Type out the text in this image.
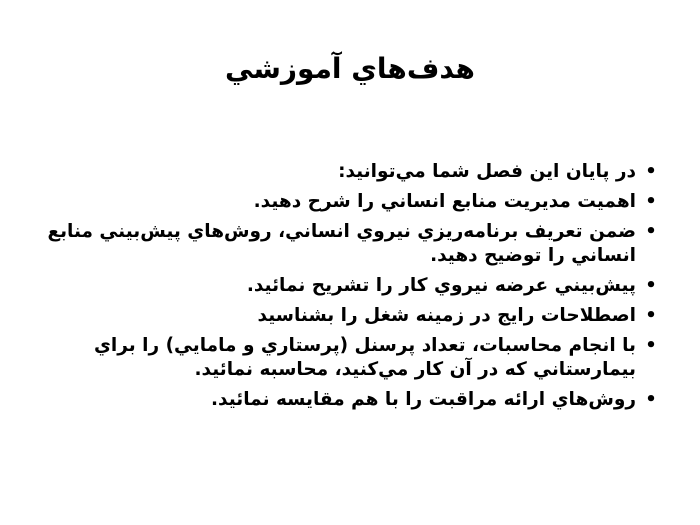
هدف‌هاي آموزشي
•
در پايان اين فصل شما مي‌توانيد:
•
اهميت مديريت منابع انساني را شرح دهيد.
•
ضمن تعريف برنامه‌ريزي نيروي انساني، روش‌هاي پيش‌بيني منابع انساني را توضيح دهيد.
•
پيش‌بيني عرضه نيروي کار را تشريح نمائيد.
•
اصطلاحات رايج در زمينه شغل را بشناسيد
•
با انجام محاسبات، تعداد پرسنل (پرستاري و مامايي) را براي بيمارستاني که در آن کار مي‌کنيد، محاسبه نمائيد.
•
روش‌هاي ارائه مراقبت را با هم مقايسه نمائيد.
